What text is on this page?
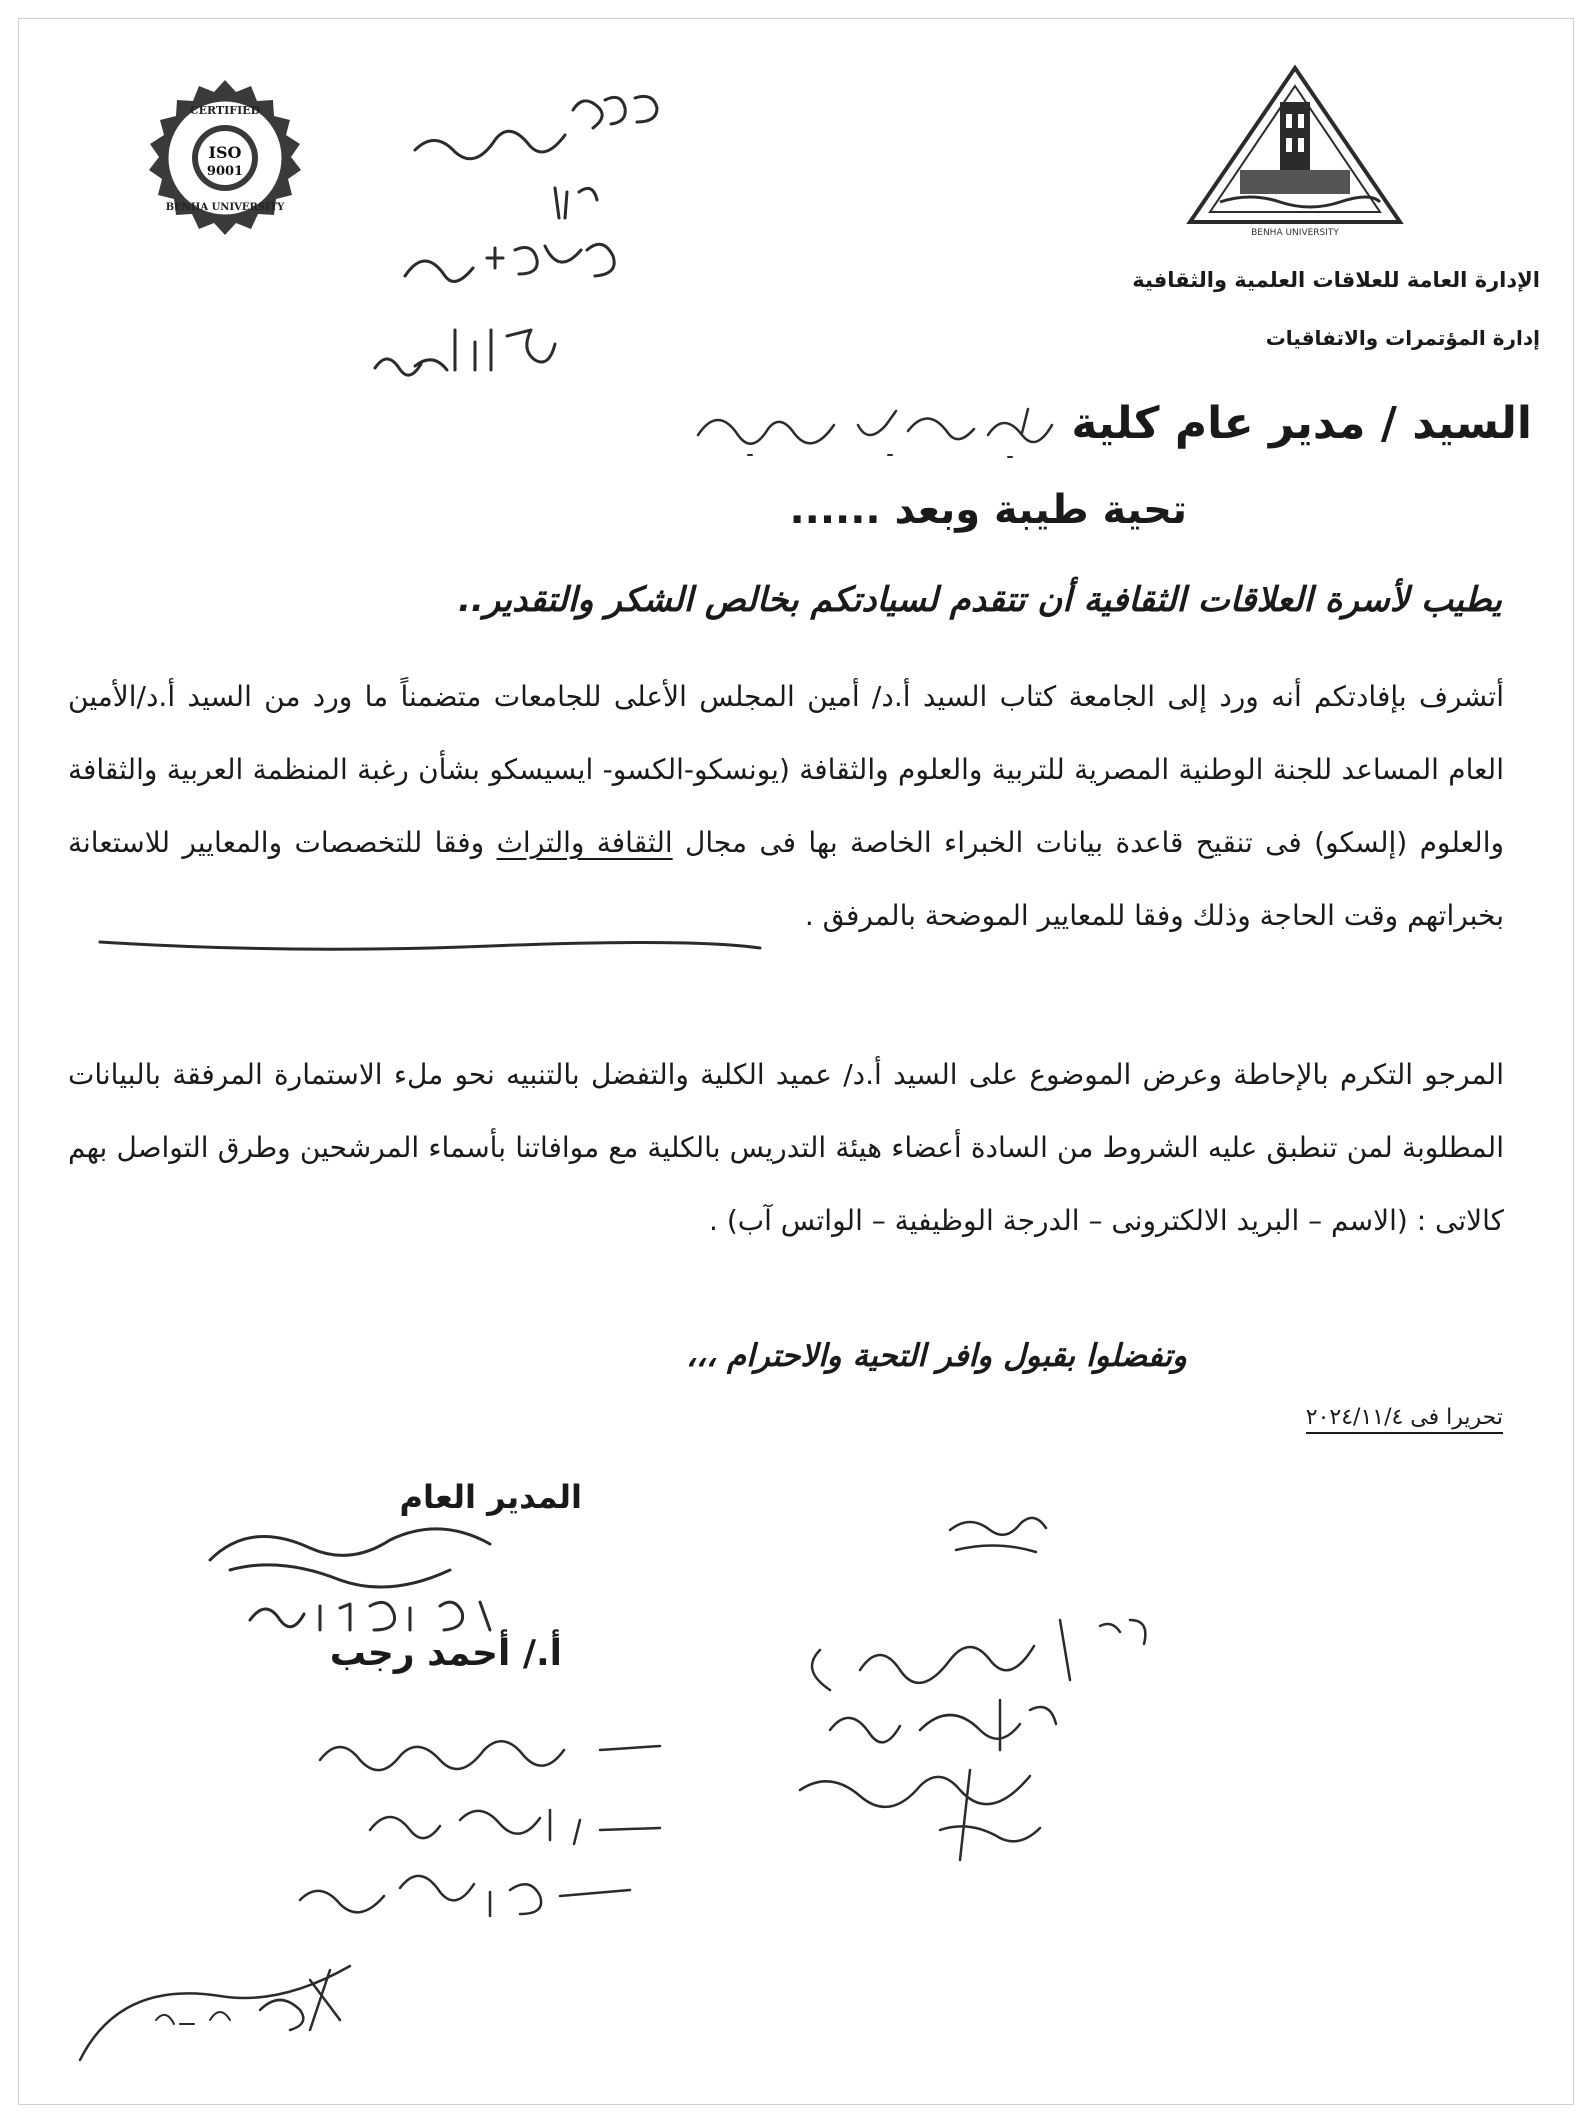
CERTIFIED
ISO
9001
BENHA UNIVERSITY
BENHA UNIVERSITY
الإدارة العامة للعلاقات العلمية والثقافية
إدارة المؤتمرات والاتفاقيات
السيد / مدير عام كلية
تحية طيبة وبعد ......
يطيب لأسرة العلاقات الثقافية أن تتقدم لسيادتكم بخالص الشكر والتقدير..
أتشرف بإفادتكم أنه ورد إلى الجامعة كتاب السيد أ.د/ أمين المجلس الأعلى للجامعات متضمناً ما ورد من السيد أ.د/الأمين العام المساعد للجنة الوطنية المصرية للتربية والعلوم والثقافة (يونسكو-الكسو- ايسيسكو بشأن رغبة المنظمة العربية والثقافة والعلوم (إلسكو) فى تنقيح قاعدة بيانات الخبراء الخاصة بها فى مجال الثقافة والتراث وفقا للتخصصات والمعايير للاستعانة بخبراتهم وقت الحاجة وذلك وفقا للمعايير الموضحة بالمرفق .
المرجو التكرم بالإحاطة وعرض الموضوع على السيد أ.د/ عميد الكلية والتفضل بالتنبيه نحو ملء الاستمارة المرفقة بالبيانات المطلوبة لمن تنطبق عليه الشروط من السادة أعضاء هيئة التدريس بالكلية مع موافاتنا بأسماء المرشحين وطرق التواصل بهم كالاتى : (الاسم – البريد الالكترونى – الدرجة الوظيفية – الواتس آب) .
وتفضلوا بقبول وافر التحية والاحترام ،،،
تحريرا فى ٢٠٢٤/١١/٤
المدير العام
أ./ أحمد رجب
